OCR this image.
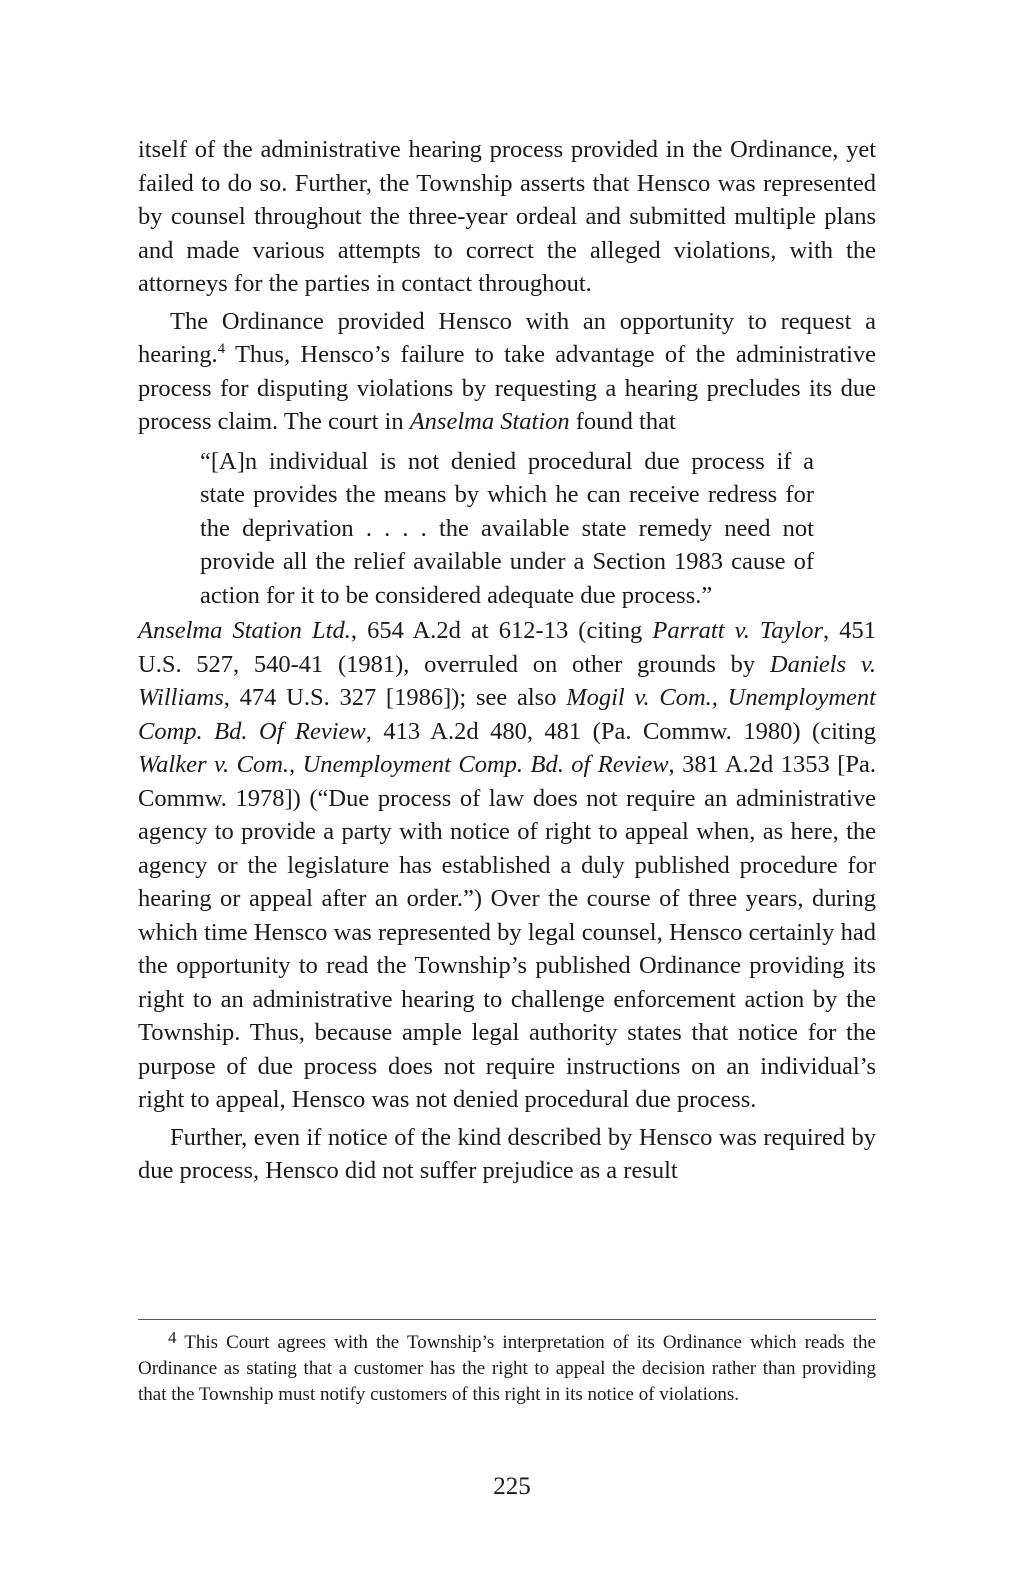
itself of the administrative hearing process provided in the Ordinance, yet failed to do so. Further, the Township asserts that Hensco was represented by counsel throughout the three-year ordeal and submitted multiple plans and made various attempts to correct the alleged violations, with the attorneys for the parties in contact throughout.

The Ordinance provided Hensco with an opportunity to request a hearing.$^4$ Thus, Hensco’s failure to take advantage of the administrative process for disputing violations by requesting a hearing precludes its due process claim. The court in Anselma Station found that

“[A]n individual is not denied procedural due process if a state provides the means by which he can receive redress for the deprivation . . . . the available state remedy need not provide all the relief available under a Section 1983 cause of action for it to be considered adequate due process.”

Anselma Station Ltd., 654 A.2d at 612-13 (citing Parratt v. Taylor, 451 U.S. 527, 540-41 (1981), overruled on other grounds by Daniels v. Williams, 474 U.S. 327 [1986]); see also Mogil v. Com., Unemployment Comp. Bd. Of Review, 413 A.2d 480, 481 (Pa. Commw. 1980) (citing Walker v. Com., Unemployment Comp. Bd. of Review, 381 A.2d 1353 [Pa. Commw. 1978]) (“Due process of law does not require an administrative agency to provide a party with notice of right to appeal when, as here, the agency or the legislature has established a duly published procedure for hearing or appeal after an order.”) Over the course of three years, during which time Hensco was represented by legal counsel, Hensco certainly had the opportunity to read the Township’s published Ordinance providing its right to an administrative hearing to challenge enforcement action by the Township. Thus, because ample legal authority states that notice for the purpose of due process does not require instructions on an individual’s right to appeal, Hensco was not denied procedural due process.

Further, even if notice of the kind described by Hensco was required by due process, Hensco did not suffer prejudice as a result

$^4$ This Court agrees with the Township’s interpretation of its Ordinance which reads the Ordinance as stating that a customer has the right to appeal the decision rather than providing that the Township must notify customers of this right in its notice of violations.

225
